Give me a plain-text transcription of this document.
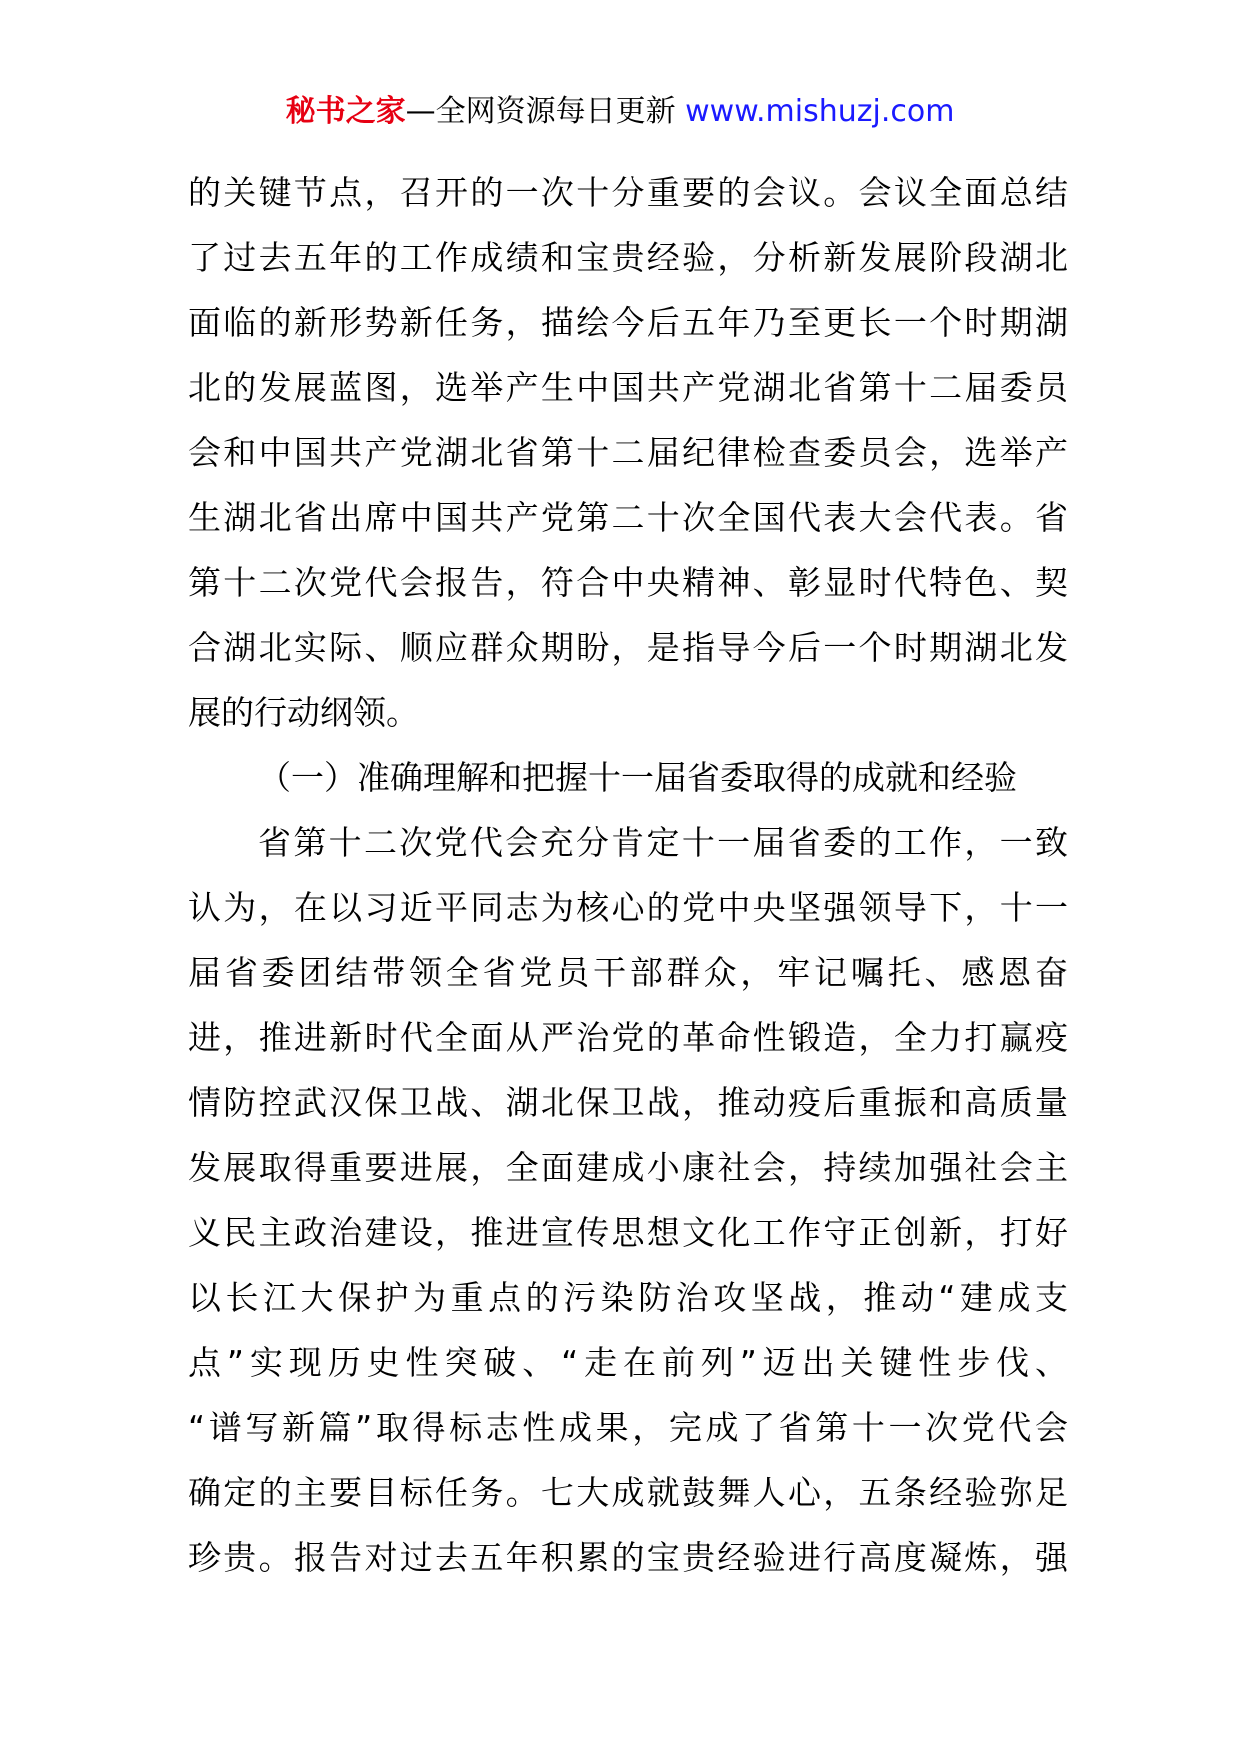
秘书之家—全网资源每日更新 www.mishuzj.com
的关键节点，召开的一次十分重要的会议。会议全面总结
了过去五年的工作成绩和宝贵经验，分析新发展阶段湖北
面临的新形势新任务，描绘今后五年乃至更长一个时期湖
北的发展蓝图，选举产生中国共产党湖北省第十二届委员
会和中国共产党湖北省第十二届纪律检查委员会，选举产
生湖北省出席中国共产党第二十次全国代表大会代表。省
第十二次党代会报告，符合中央精神、彰显时代特色、契
合湖北实际、顺应群众期盼，是指导今后一个时期湖北发
展的行动纲领。
（一）准确理解和把握十一届省委取得的成就和经验
省第十二次党代会充分肯定十一届省委的工作，一致
认为，在以习近平同志为核心的党中央坚强领导下，十一
届省委团结带领全省党员干部群众，牢记嘱托、感恩奋
进，推进新时代全面从严治党的革命性锻造，全力打赢疫
情防控武汉保卫战、湖北保卫战，推动疫后重振和高质量
发展取得重要进展，全面建成小康社会，持续加强社会主
义民主政治建设，推进宣传思想文化工作守正创新，打好
以长江大保护为重点的污染防治攻坚战，推动“建成支
点”实现历史性突破、“走在前列”迈出关键性步伐、
“谱写新篇”取得标志性成果，完成了省第十一次党代会
确定的主要目标任务。七大成就鼓舞人心，五条经验弥足
珍贵。报告对过去五年积累的宝贵经验进行高度凝炼，强
